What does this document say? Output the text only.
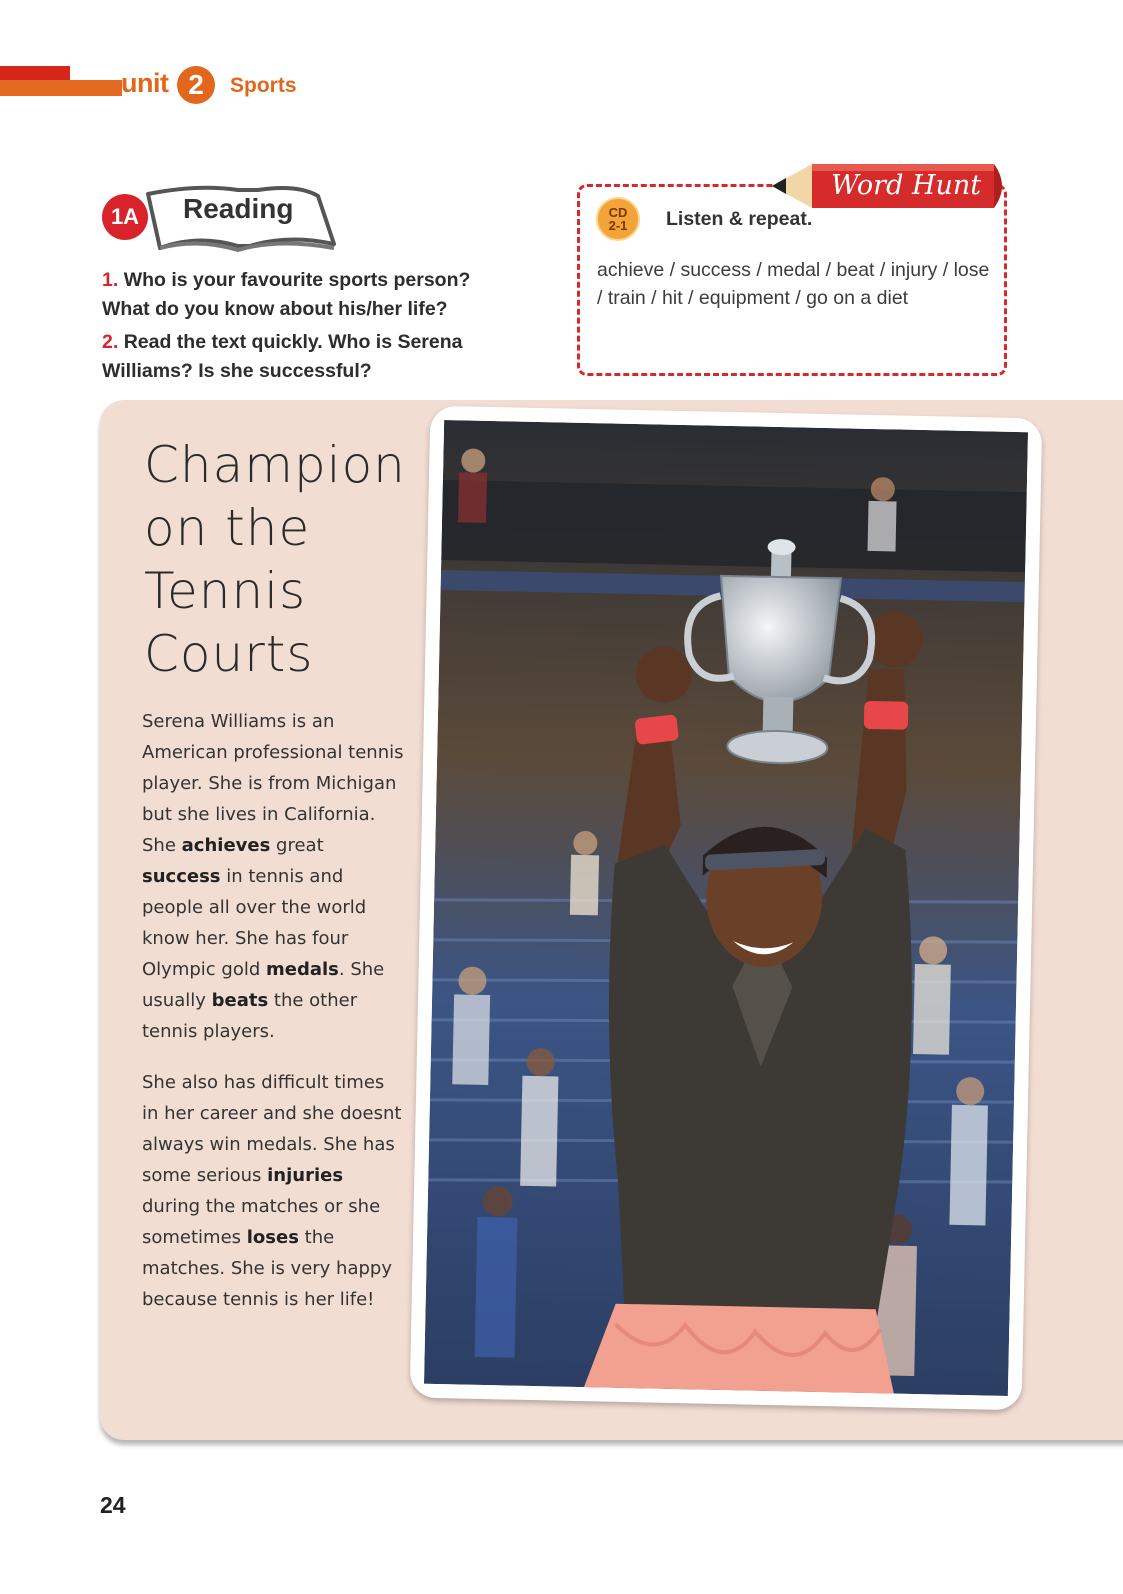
unit 2	Sports
1A	Reading

1. Who is your favourite sports person? What do you know about his/her life?

2. Read the text quickly. Who is Serena Williams? Is she successful?

Word Hunt
CD
2-1 Listen & repeat.
achieve / success / medal / beat / injury / lose / train / hit / equipment / go on a diet
Champion
on the
Tennis
Courts

Serena Williams is an American professional tennis player. She is from Michigan but she lives in California. She achieves great success in tennis and people all over the world know her. She has four Olympic gold medals. She usually beats the other tennis players.

She also has difficult times in her career and she doesnt always win medals. She has some serious injuries during the matches or she sometimes loses the matches. She is very happy because tennis is her life!

24
